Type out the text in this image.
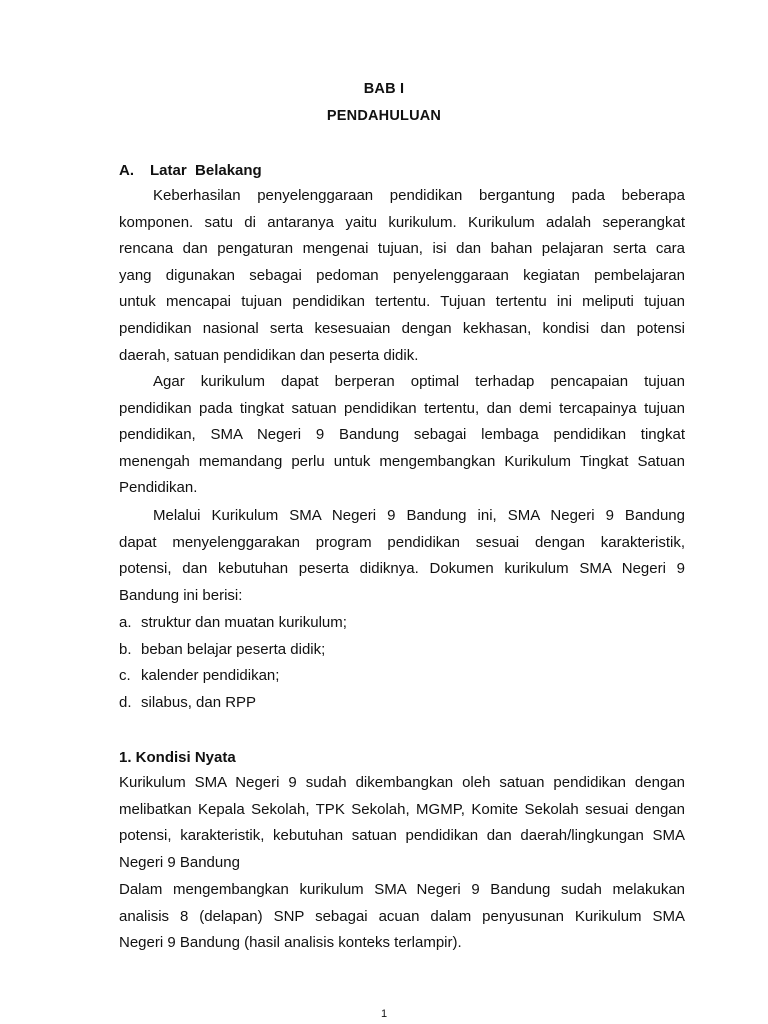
BAB I
PENDAHULUAN
A. Latar  Belakang
Keberhasilan penyelenggaraan pendidikan bergantung pada beberapa
komponen. satu di antaranya yaitu kurikulum. Kurikulum adalah seperangkat
rencana dan pengaturan mengenai tujuan, isi dan bahan pelajaran serta cara
yang digunakan sebagai pedoman penyelenggaraan kegiatan pembelajaran
untuk mencapai tujuan pendidikan tertentu. Tujuan tertentu ini meliputi tujuan
pendidikan nasional serta kesesuaian dengan kekhasan, kondisi dan potensi
daerah, satuan pendidikan dan peserta didik.
Agar kurikulum dapat berperan optimal terhadap pencapaian tujuan
pendidikan pada tingkat satuan pendidikan tertentu, dan demi tercapainya tujuan
pendidikan, SMA Negeri 9 Bandung sebagai lembaga pendidikan tingkat
menengah memandang perlu untuk mengembangkan Kurikulum Tingkat Satuan
Pendidikan.
Melalui Kurikulum SMA Negeri 9 Bandung ini, SMA Negeri 9 Bandung
dapat menyelenggarakan program pendidikan sesuai dengan karakteristik,
potensi, dan kebutuhan peserta didiknya. Dokumen kurikulum SMA Negeri 9
Bandung ini berisi:
a. struktur dan muatan kurikulum;
b. beban belajar peserta didik;
c. kalender pendidikan;
d. silabus, dan RPP
1. Kondisi Nyata
Kurikulum SMA Negeri 9 sudah dikembangkan oleh satuan pendidikan dengan
melibatkan Kepala Sekolah, TPK Sekolah, MGMP, Komite Sekolah sesuai dengan
potensi, karakteristik, kebutuhan satuan pendidikan dan daerah/lingkungan SMA
Negeri 9 Bandung
Dalam mengembangkan kurikulum SMA Negeri 9 Bandung sudah melakukan
analisis 8 (delapan) SNP sebagai acuan dalam penyusunan Kurikulum SMA
Negeri 9 Bandung (hasil analisis konteks terlampir).
1
